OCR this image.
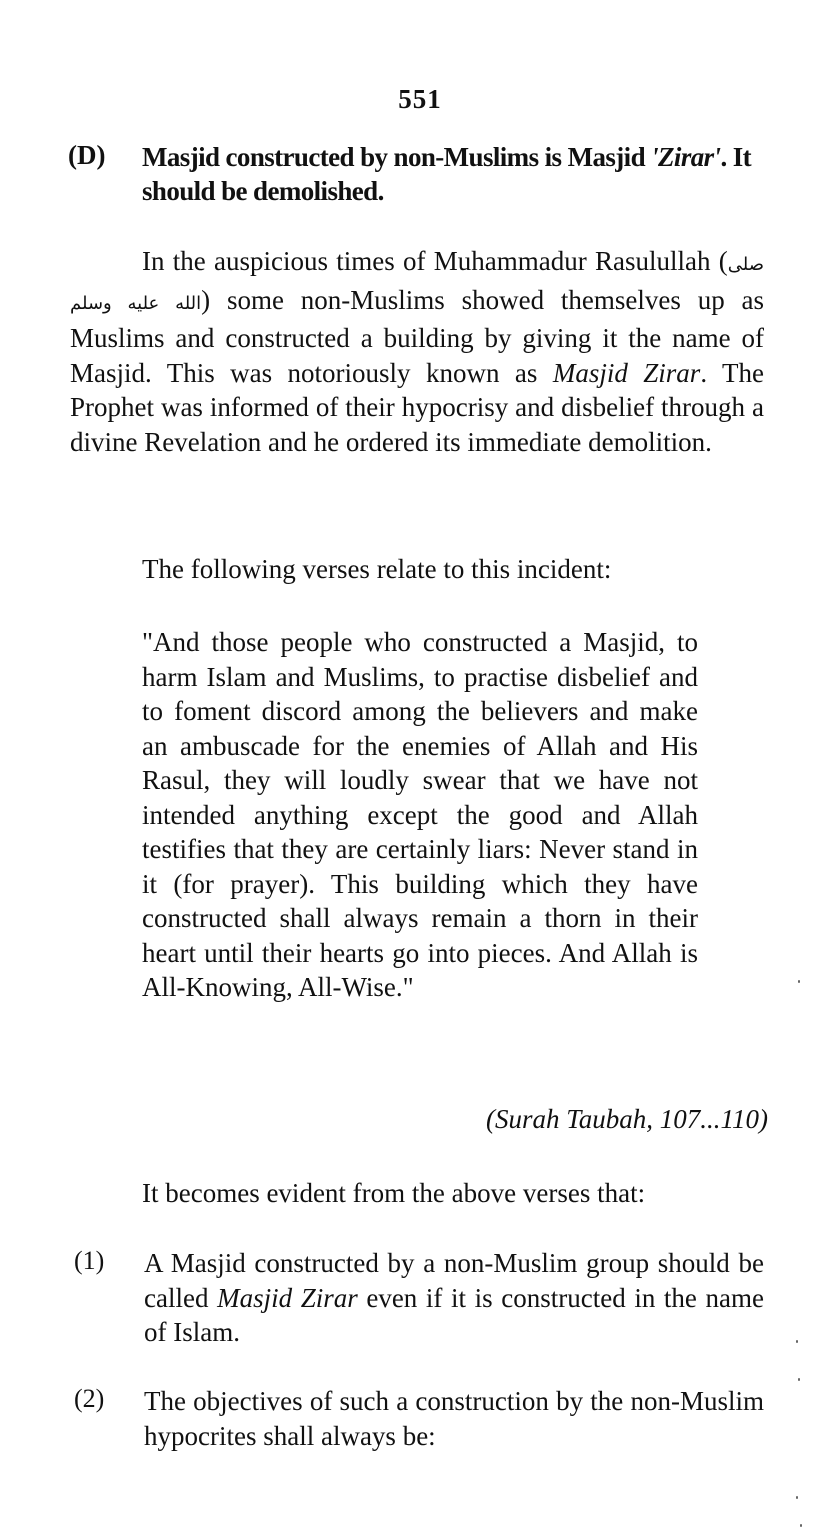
551
(D) Masjid constructed by non-Muslims is Masjid 'Zirar'. It should be demolished.
In the auspicious times of Muhammadur Rasulullah (صلى الله عليه وسلم) some non-Muslims showed themselves up as Muslims and constructed a building by giving it the name of Masjid. This was notoriously known as Masjid Zirar. The Prophet was informed of their hypocrisy and disbelief through a divine Revelation and he ordered its immediate demolition.
The following verses relate to this incident:
"And those people who constructed a Masjid, to harm Islam and Muslims, to practise disbelief and to foment discord among the believers and make an ambuscade for the enemies of Allah and His Rasul, they will loudly swear that we have not intended anything except the good and Allah testifies that they are certainly liars: Never stand in it (for prayer). This building which they have constructed shall always remain a thorn in their heart until their hearts go into pieces. And Allah is All-Knowing, All-Wise."
(Surah Taubah, 107...110)
It becomes evident from the above verses that:
(1) A Masjid constructed by a non-Muslim group should be called Masjid Zirar even if it is constructed in the name of Islam.
(2) The objectives of such a construction by the non-Muslim hypocrites shall always be:
